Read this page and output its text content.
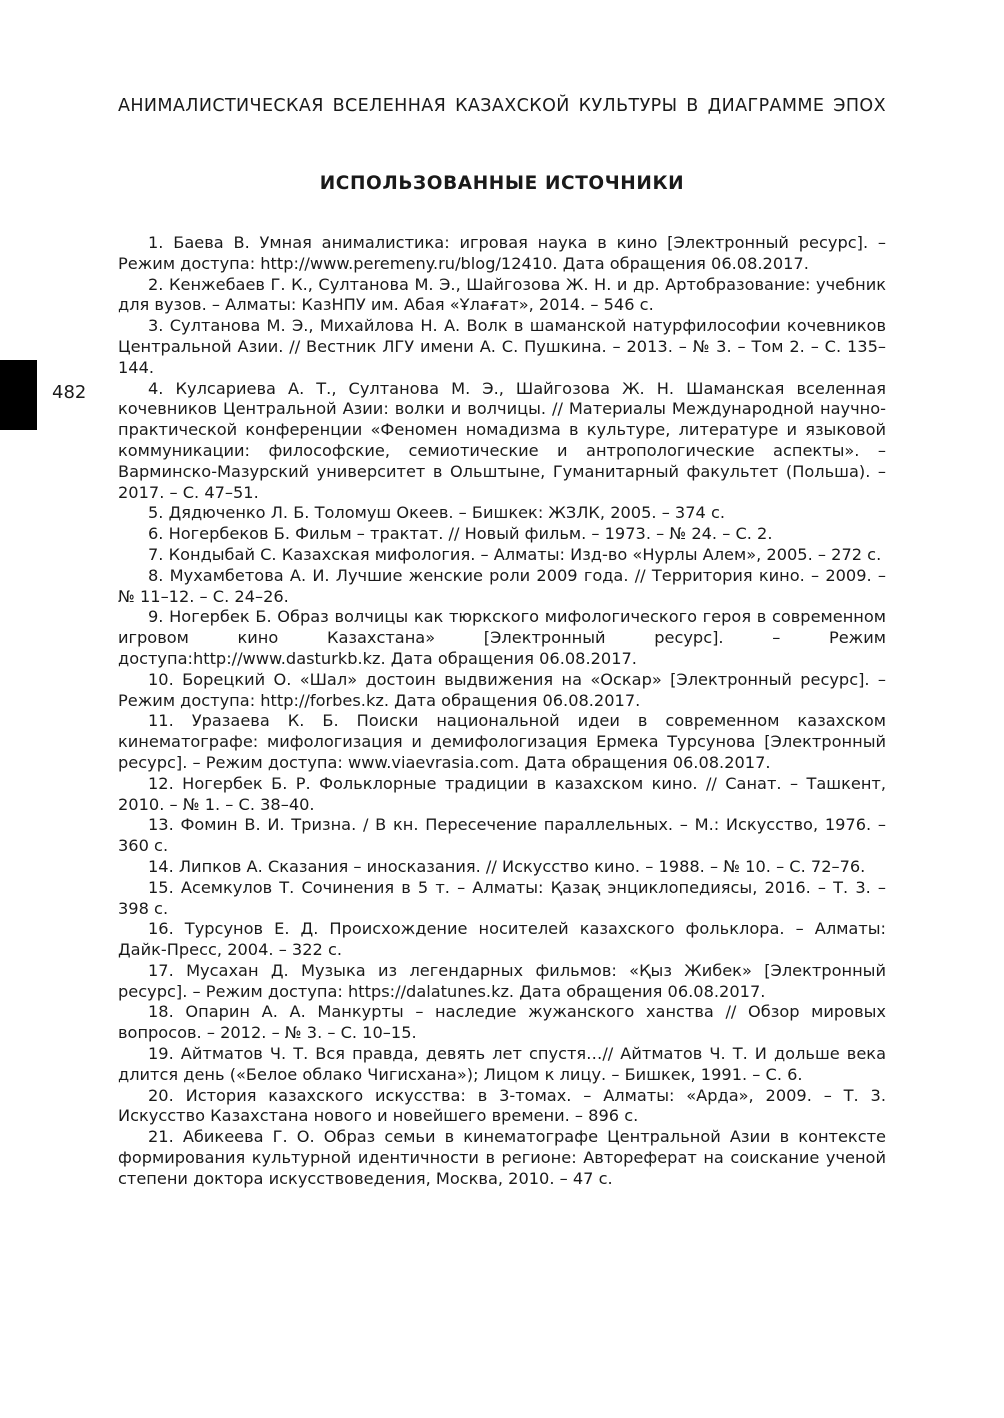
АНИМАЛИСТИЧЕСКАЯ ВСЕЛЕННАЯ КАЗАХСКОЙ КУЛЬТУРЫ В ДИАГРАММЕ ЭПОХ
ИСПОЛЬЗОВАННЫЕ ИСТОЧНИКИ
482
1. Баева В. Умная анималистика: игровая наука в кино [Электронный ресурс]. – Режим доступа: http://www.peremeny.ru/blog/12410. Дата обращения 06.08.2017.
2. Кенжебаев Г. К., Султанова М. Э., Шайгозова Ж. Н. и др. Артобразование: учебник для вузов. – Алматы: КазНПУ им. Абая «Ұлағат», 2014. – 546 с.
3. Султанова М. Э., Михайлова Н. А. Волк в шаманской натурфилософии кочевников Центральной Азии. // Вестник ЛГУ имени А. С. Пушкина. – 2013. – № 3. – Том 2. – С. 135–144.
4. Кулсариева А. Т., Султанова М. Э., Шайгозова Ж. Н. Шаманская вселенная кочевников Центральной Азии: волки и волчицы. // Материалы Международной научно-практической конференции «Феномен номадизма в культуре, литературе и языковой коммуникации: философские, семиотические и антропологические аспекты». – Варминско-Мазурский университет в Ольштыне, Гуманитарный факультет (Польша). – 2017. – С. 47–51.
5. Дядюченко Л. Б. Толомуш Океев. – Бишкек: ЖЗЛК, 2005. – 374 с.
6. Ногербеков Б. Фильм – трактат. // Новый фильм. – 1973. – № 24. – С. 2.
7. Кондыбай С. Казахская мифология. – Алматы: Изд-во «Нурлы Алем», 2005. – 272 с.
8. Мухамбетова А. И. Лучшие женские роли 2009 года. // Территория кино. – 2009. – № 11–12. – С. 24–26.
9. Ногербек Б. Образ волчицы как тюркского мифологического героя в современном игровом кино Казахстана» [Электронный ресурс]. – Режим доступа:http://www.dasturkb.kz. Дата обращения 06.08.2017.
10. Борецкий О. «Шал» достоин выдвижения на «Оскар» [Электронный ресурс]. – Режим доступа: http://forbes.kz. Дата обращения 06.08.2017.
11. Уразаева К. Б. Поиски национальной идеи в современном казахском кинематографе: мифологизация и демифологизация Ермека Турсунова [Электронный ресурс]. – Режим доступа: www.viaevrasia.com. Дата обращения 06.08.2017.
12. Ногербек Б. Р. Фольклорные традиции в казахском кино. // Санат. – Ташкент, 2010. – № 1. – С. 38–40.
13. Фомин В. И. Тризна. / В кн. Пересечение параллельных. – М.: Искусство, 1976. – 360 с.
14. Липков А. Сказания – иносказания. // Искусство кино. – 1988. – № 10. – С. 72–76.
15. Асемкулов Т. Сочинения в 5 т. – Алматы: Қазақ энциклопедиясы, 2016. – Т. 3. – 398 с.
16. Турсунов Е. Д. Происхождение носителей казахского фольклора. – Алматы: Дайк-Пресс, 2004. – 322 с.
17. Мусахан Д. Музыка из легендарных фильмов: «Қыз Жибек» [Электронный ресурс]. – Режим доступа: https://dalatunes.kz. Дата обращения 06.08.2017.
18. Опарин А. А. Манкурты – наследие жужанского ханства // Обзор мировых вопросов. – 2012. – № 3. – С. 10–15.
19. Айтматов Ч. Т. Вся правда, девять лет спустя…// Айтматов Ч. Т. И дольше века длится день («Белое облако Чигисхана»); Лицом к лицу. – Бишкек, 1991. – С. 6.
20. История казахского искусства: в 3-томах. – Алматы: «Арда», 2009. – Т. 3. Искусство Казахстана нового и новейшего времени. – 896 с.
21. Абикеева Г. О. Образ семьи в кинематографе Центральной Азии в контексте формирования культурной идентичности в регионе: Автореферат на соискание ученой степени доктора искусствоведения, Москва, 2010. – 47 с.
